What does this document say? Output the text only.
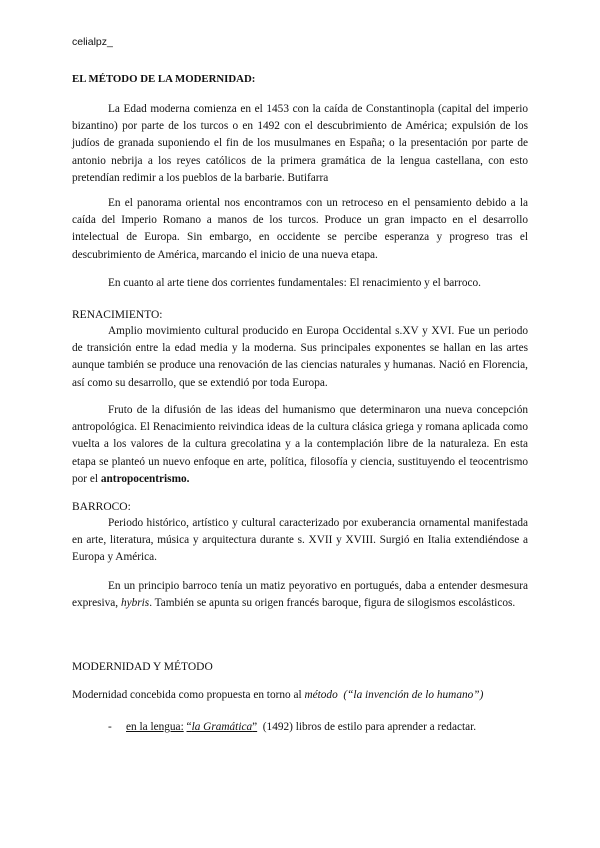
celialpz_
EL MÉTODO DE LA MODERNIDAD:

La Edad moderna comienza en el 1453 con la caída de Constantinopla (capital del imperio bizantino) por parte de los turcos o en 1492 con el descubrimiento de América; expulsión de los judíos de granada suponiendo el fin de los musulmanes en España; o la presentación por parte de antonio nebrija a los reyes católicos de la primera gramática de la lengua castellana, con esto pretendían redimir a los pueblos de la barbarie. Butifarra

En el panorama oriental nos encontramos con un retroceso en el pensamiento debido a la caída del Imperio Romano a manos de los turcos. Produce un gran impacto en el desarrollo intelectual de Europa. Sin embargo, en occidente se percibe esperanza y progreso tras el descubrimiento de América, marcando el inicio de una nueva etapa.

En cuanto al arte tiene dos corrientes fundamentales: El renacimiento y el barroco.

RENACIMIENTO:

Amplio movimiento cultural producido en Europa Occidental s.XV y XVI. Fue un periodo de transición entre la edad media y la moderna. Sus principales exponentes se hallan en las artes aunque también se produce una renovación de las ciencias naturales y humanas. Nació en Florencia, así como su desarrollo, que se extendió por toda Europa.

Fruto de la difusión de las ideas del humanismo que determinaron una nueva concepción antropológica. El Renacimiento reivindica ideas de la cultura clásica griega y romana aplicada como vuelta a los valores de la cultura grecolatina y a la contemplación libre de la naturaleza. En esta etapa se planteó un nuevo enfoque en arte, política, filosofía y ciencia, sustituyendo el teocentrismo por el antropocentrismo.

BARROCO:

Periodo histórico, artístico y cultural caracterizado por exuberancia ornamental manifestada en arte, literatura, música y arquitectura durante s. XVII y XVIII. Surgió en Italia extendiéndose a Europa y América.

En un principio barroco tenía un matiz peyorativo en portugués, daba a entender desmesura expresiva, hybris. También se apunta su origen francés baroque, figura de silogismos escolásticos.

MODERNIDAD Y MÉTODO
Modernidad concebida como propuesta en torno al método (“la invención de lo humano”)
- en la lengua: “la Gramática” (1492) libros de estilo para aprender a redactar.
